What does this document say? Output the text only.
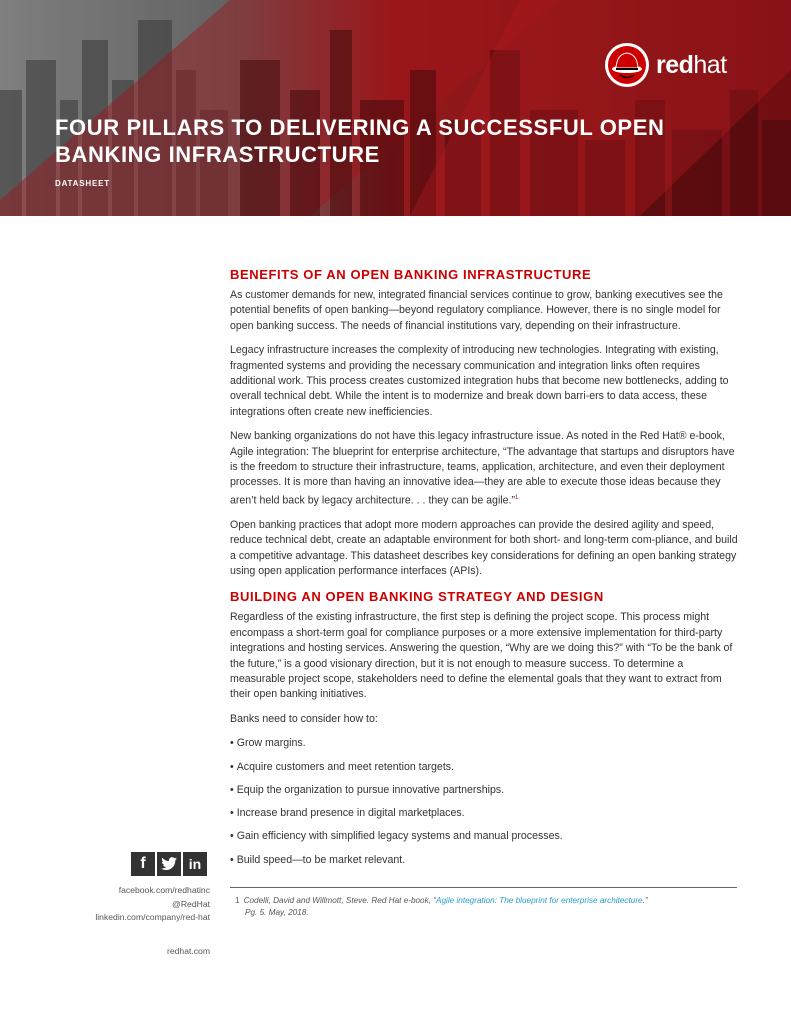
redhat
FOUR PILLARS TO DELIVERING A SUCCESSFUL OPEN BANKING INFRASTRUCTURE
DATASHEET
BENEFITS OF AN OPEN BANKING INFRASTRUCTURE

As customer demands for new, integrated financial services continue to grow, banking executives see the potential benefits of open banking—beyond regulatory compliance. However, there is no single model for open banking success. The needs of financial institutions vary, depending on their infrastructure.

Legacy infrastructure increases the complexity of introducing new technologies. Integrating with existing, fragmented systems and providing the necessary communication and integration links often requires additional work. This process creates customized integration hubs that become new bottlenecks, adding to overall technical debt. While the intent is to modernize and break down barri-ers to data access, these integrations often create new inefficiencies.

New banking organizations do not have this legacy infrastructure issue. As noted in the Red Hat® e-book, Agile integration: The blueprint for enterprise architecture, “The advantage that startups and disruptors have is the freedom to structure their infrastructure, teams, application, architecture, and even their deployment processes. It is more than having an innovative idea—they are able to execute those ideas because they aren’t held back by legacy architecture. . . they can be agile.”$^1$

Open banking practices that adopt more modern approaches can provide the desired agility and speed, reduce technical debt, create an adaptable environment for both short- and long-term com-pliance, and build a competitive advantage. This datasheet describes key considerations for defining an open banking strategy using open application performance interfaces (APIs).

BUILDING AN OPEN BANKING STRATEGY AND DESIGN

Regardless of the existing infrastructure, the first step is defining the project scope. This process might encompass a short-term goal for compliance purposes or a more extensive implementation for third-party integrations and hosting services. Answering the question, “Why are we doing this?” with “To be the bank of the future,” is a good visionary direction, but it is not enough to measure success. To determine a measurable project scope, stakeholders need to define the elemental goals that they want to extract from their open banking initiatives.

Banks need to consider how to:

• Grow margins.
• Acquire customers and meet retention targets.
• Equip the organization to pursue innovative partnerships.
• Increase brand presence in digital marketplaces.
• Gain efficiency with simplified legacy systems and manual processes.
• Build speed—to be market relevant.
1 Codelli, David and Willmott, Steve. Red Hat e-book, “Agile integration: The blueprint for enterprise architecture.”
Pg. 5. May, 2018.
f	in
facebook.com/redhatinc
@RedHat
linkedin.com/company/red-hat
redhat.com
